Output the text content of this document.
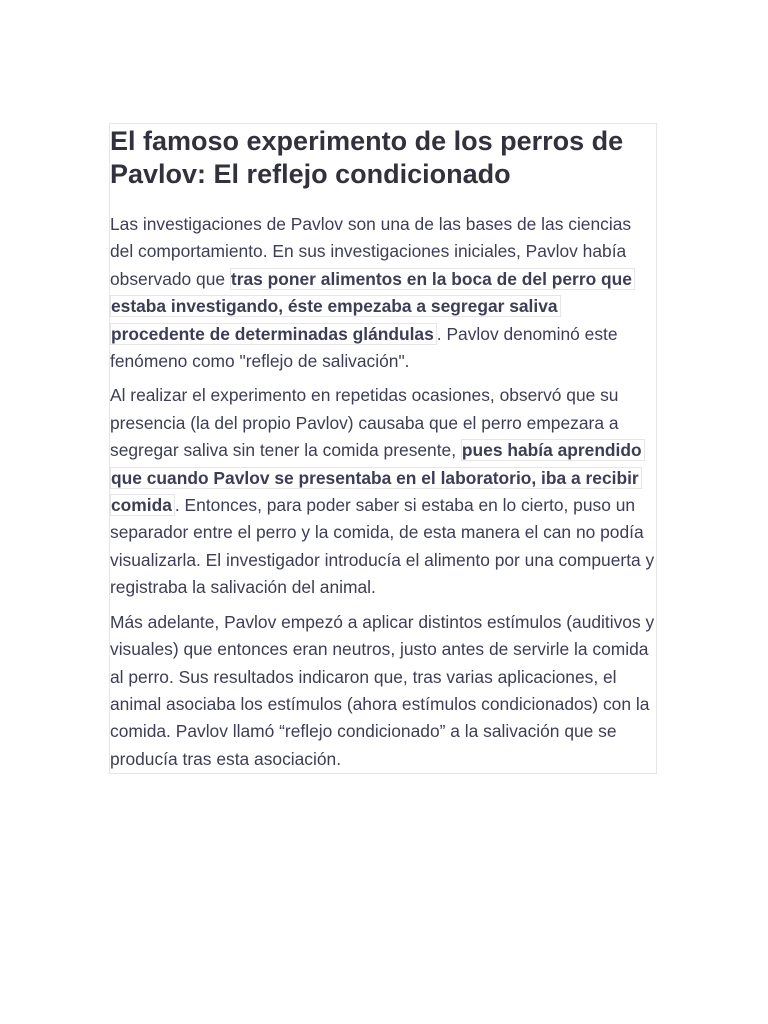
El famoso experimento de los perros de Pavlov: El reflejo condicionado

Las investigaciones de Pavlov son una de las bases de las ciencias del comportamiento. En sus investigaciones iniciales, Pavlov había observado que tras poner alimentos en la boca de del perro que estaba investigando, éste empezaba a segregar saliva procedente de determinadas glándulas . Pavlov denominó este fenómeno como "reflejo de salivación".

Al realizar el experimento en repetidas ocasiones, observó que su presencia (la del propio Pavlov) causaba que el perro empezara a segregar saliva sin tener la comida presente, pues había aprendido que cuando Pavlov se presentaba en el laboratorio, iba a recibir comida . Entonces, para poder saber si estaba en lo cierto, puso un separador entre el perro y la comida, de esta manera el can no podía visualizarla. El investigador introducía el alimento por una compuerta y registraba la salivación del animal.

Más adelante, Pavlov empezó a aplicar distintos estímulos (auditivos y visuales) que entonces eran neutros, justo antes de servirle la comida al perro. Sus resultados indicaron que, tras varias aplicaciones, el animal asociaba los estímulos (ahora estímulos condicionados) con la comida. Pavlov llamó “reflejo condicionado” a la salivación que se producía tras esta asociación.
